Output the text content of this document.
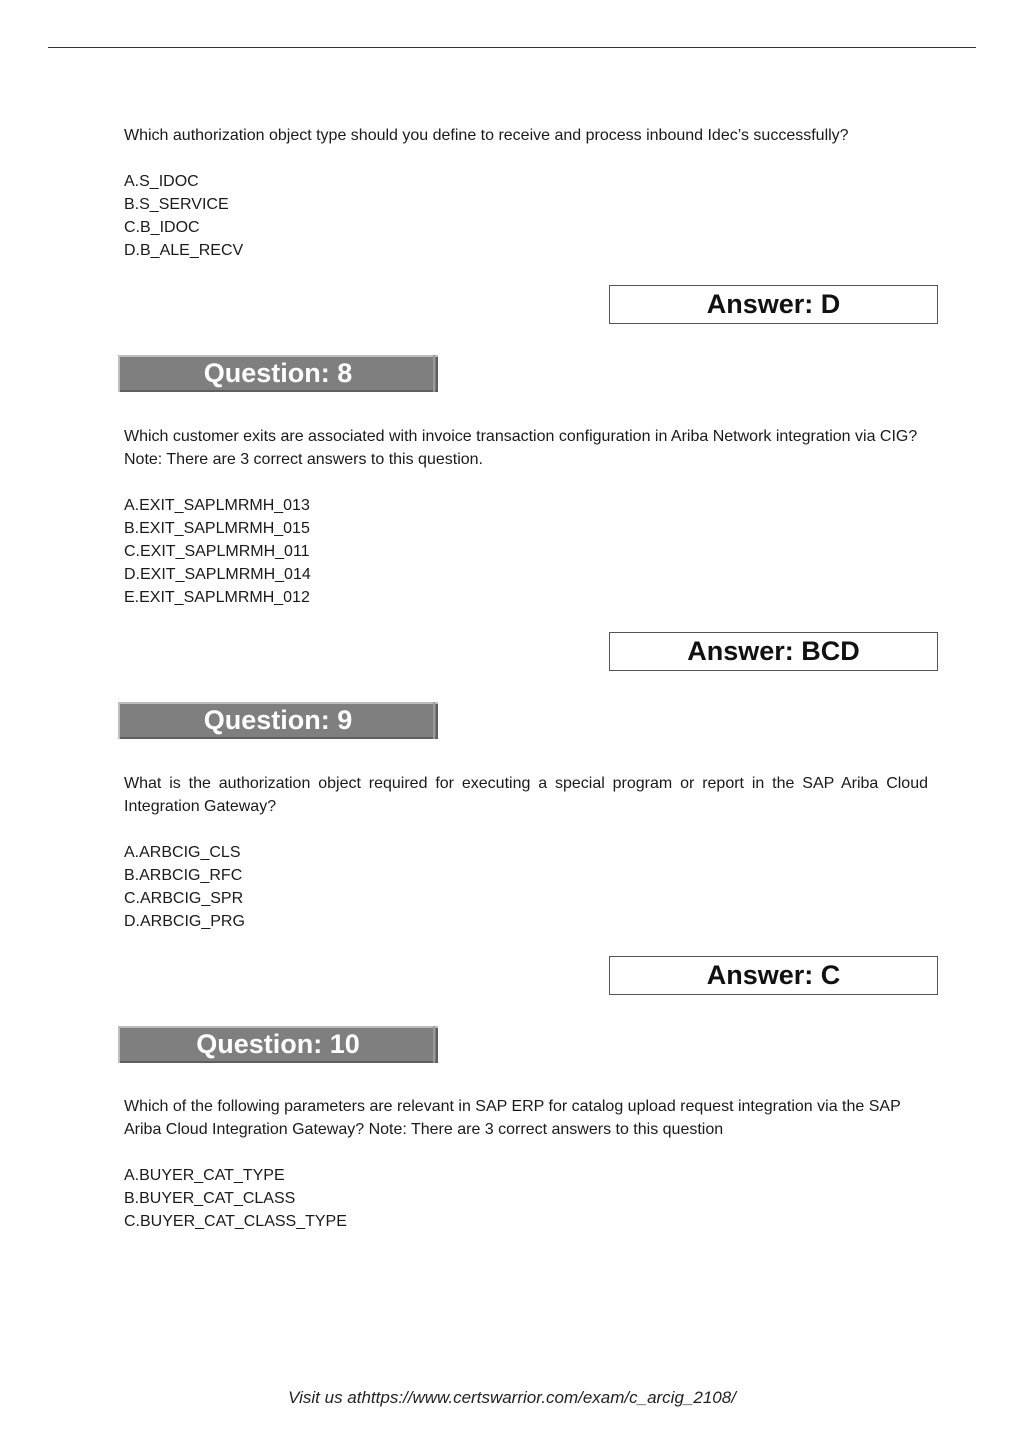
Which authorization object type should you define to receive and process inbound Idec’s successfully?
A.S_IDOC
B.S_SERVICE
C.B_IDOC
D.B_ALE_RECV
Answer: D
Question: 8
Which customer exits are associated with invoice transaction configuration in Ariba Network integration via CIG? Note: There are 3 correct answers to this question.
A.EXIT_SAPLMRMH_013
B.EXIT_SAPLMRMH_015
C.EXIT_SAPLMRMH_011
D.EXIT_SAPLMRMH_014
E.EXIT_SAPLMRMH_012
Answer: BCD
Question: 9
What is the authorization object required for executing a special program or report in the SAP Ariba Cloud Integration Gateway?
A.ARBCIG_CLS
B.ARBCIG_RFC
C.ARBCIG_SPR
D.ARBCIG_PRG
Answer: C
Question: 10
Which of the following parameters are relevant in SAP ERP for catalog upload request integration via the SAP Ariba Cloud Integration Gateway? Note: There are 3 correct answers to this question
A.BUYER_CAT_TYPE
B.BUYER_CAT_CLASS
C.BUYER_CAT_CLASS_TYPE
Visit us athttps://www.certswarrior.com/exam/c_arcig_2108/
